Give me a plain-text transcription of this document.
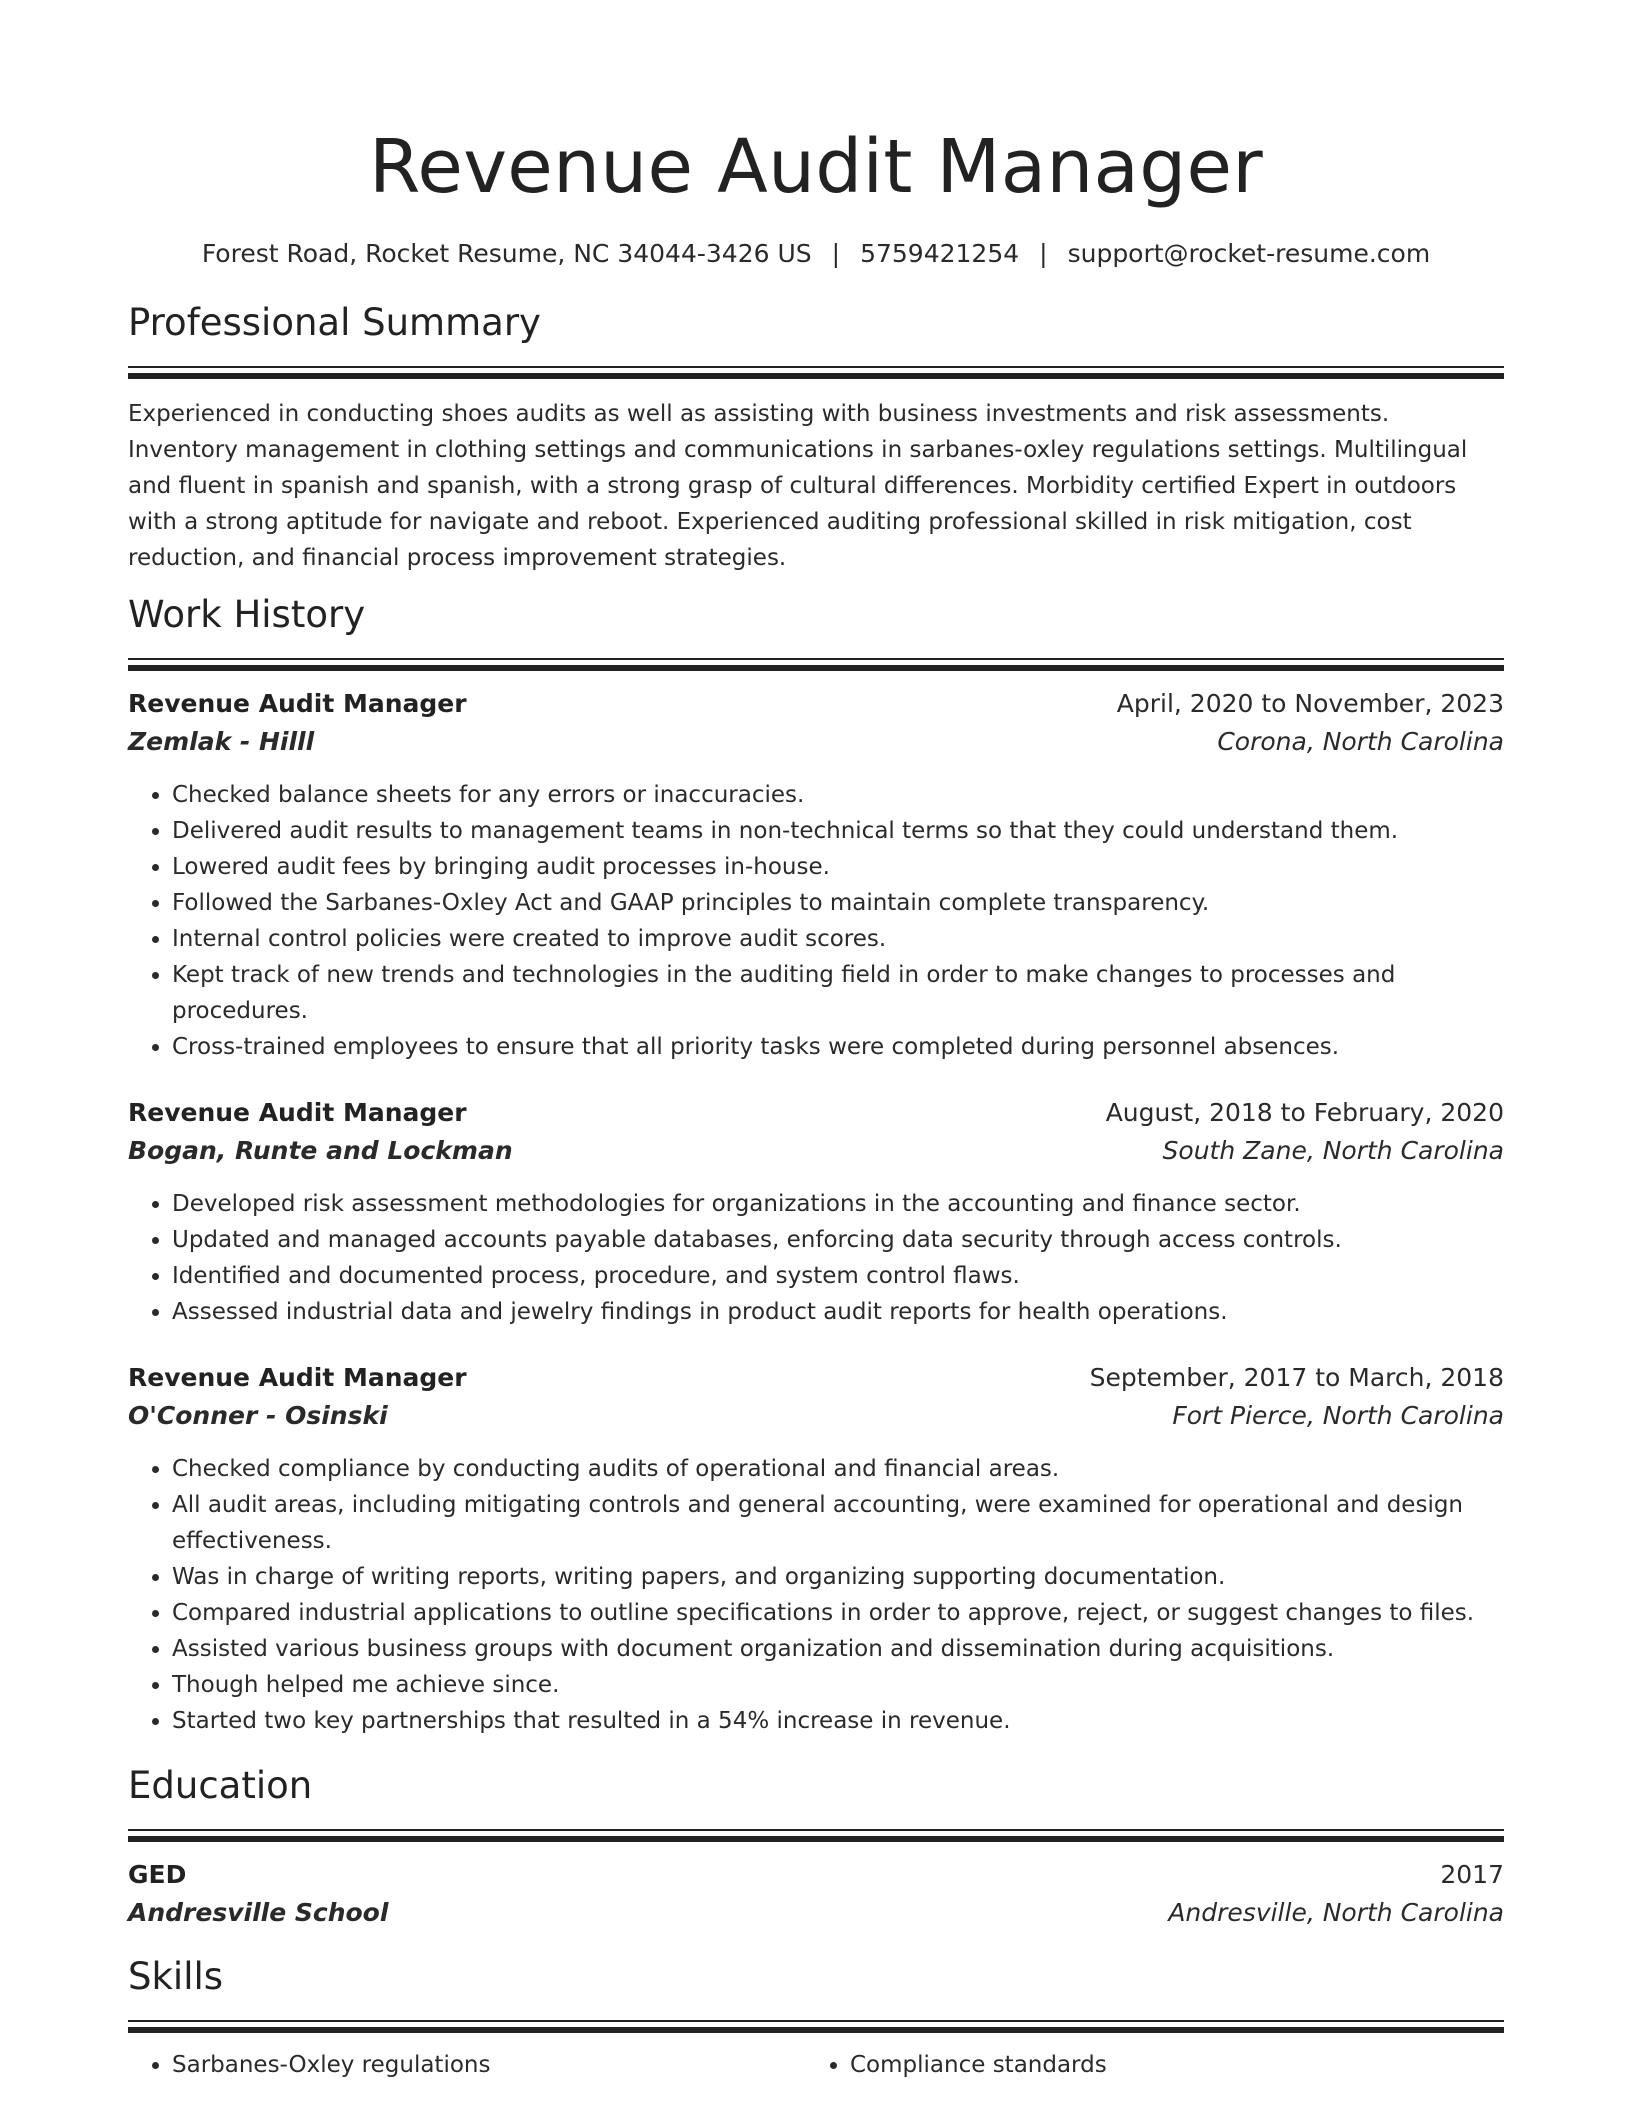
Revenue Audit Manager
Forest Road, Rocket Resume, NC 34044-3426 US | 5759421254 | support@rocket-resume.com
Professional Summary

Experienced in conducting shoes audits as well as assisting with business investments and risk assessments. Inventory management in clothing settings and communications in sarbanes-oxley regulations settings. Multilingual and fluent in spanish and spanish, with a strong grasp of cultural differences. Morbidity certified Expert in outdoors with a strong aptitude for navigate and reboot. Experienced auditing professional skilled in risk mitigation, cost reduction, and financial process improvement strategies.

Work History
Revenue Audit Manager	April, 2020 to November, 2023
Zemlak - Hilll	Corona, North Carolina
• Checked balance sheets for any errors or inaccuracies.
• Delivered audit results to management teams in non-technical terms so that they could understand them.
• Lowered audit fees by bringing audit processes in-house.
• Followed the Sarbanes-Oxley Act and GAAP principles to maintain complete transparency.
• Internal control policies were created to improve audit scores.
• Kept track of new trends and technologies in the auditing field in order to make changes to processes and procedures.
• Cross-trained employees to ensure that all priority tasks were completed during personnel absences.
Revenue Audit Manager	August, 2018 to February, 2020
Bogan, Runte and Lockman	South Zane, North Carolina
• Developed risk assessment methodologies for organizations in the accounting and finance sector.
• Updated and managed accounts payable databases, enforcing data security through access controls.
• Identified and documented process, procedure, and system control flaws.
• Assessed industrial data and jewelry findings in product audit reports for health operations.
Revenue Audit Manager	September, 2017 to March, 2018
O'Conner - Osinski	Fort Pierce, North Carolina
• Checked compliance by conducting audits of operational and financial areas.
• All audit areas, including mitigating controls and general accounting, were examined for operational and design effectiveness.
• Was in charge of writing reports, writing papers, and organizing supporting documentation.
• Compared industrial applications to outline specifications in order to approve, reject, or suggest changes to files.
• Assisted various business groups with document organization and dissemination during acquisitions.
• Though helped me achieve since.
• Started two key partnerships that resulted in a 54% increase in revenue.
Education
GED	2017
Andresville School	Andresville, North Carolina
Skills
• Sarbanes-Oxley regulations
•	Compliance standards
